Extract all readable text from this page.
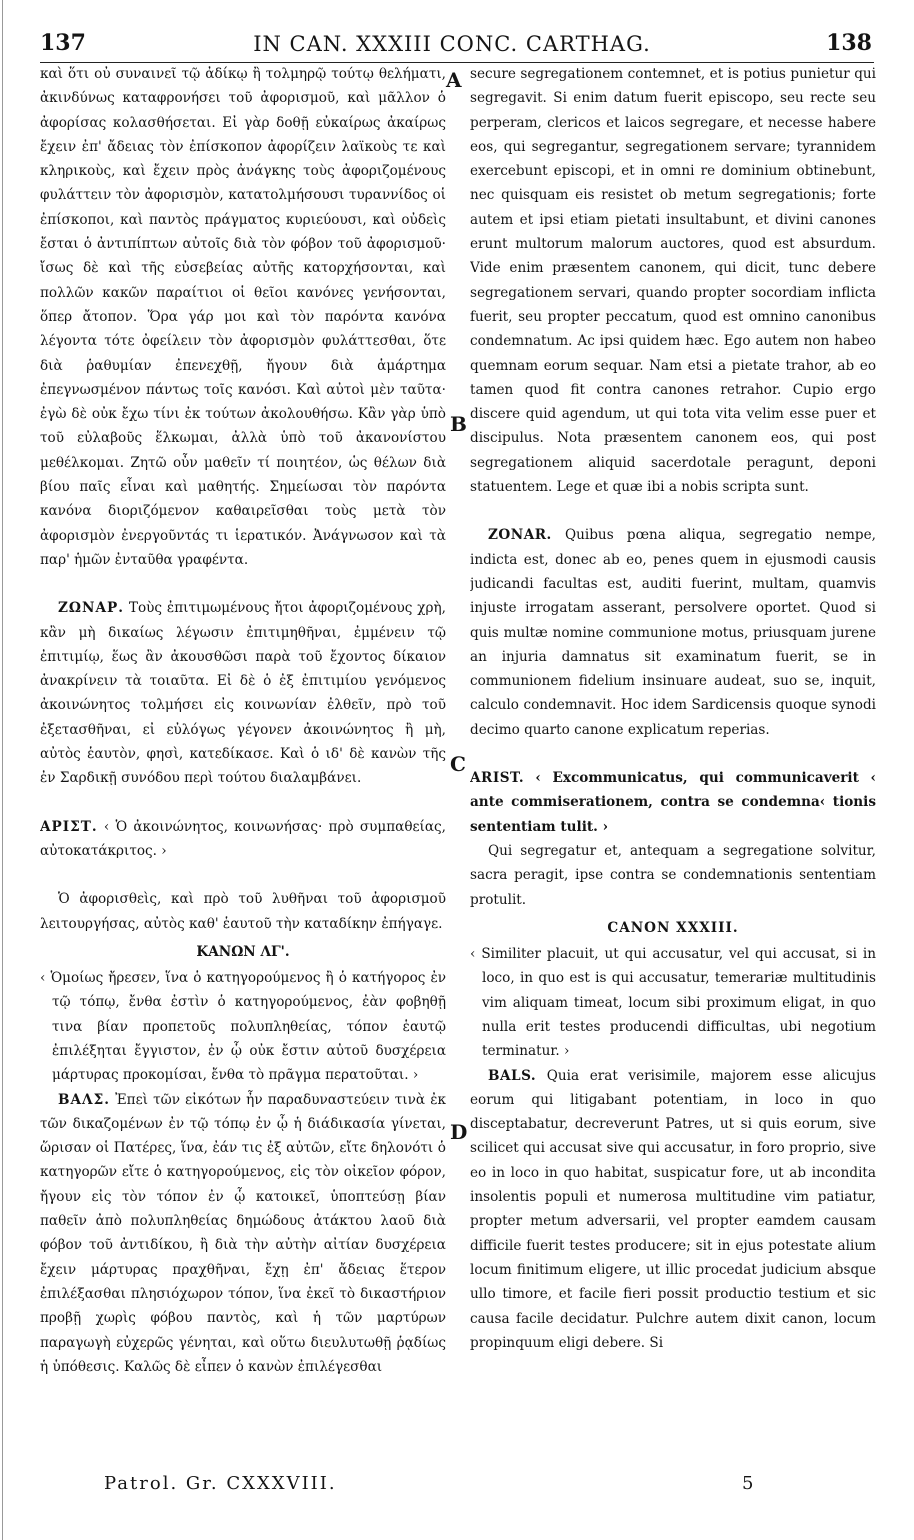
137	IN CAN. XXXIII CONC. CARTHAG.	138
A
B
C
D

καὶ ὅτι οὐ συναινεῖ τῷ ἀδίκῳ ἢ τολμηρῷ τούτῳ θελήματι, ἀκινδύνως καταφρονήσει τοῦ ἀφορισμοῦ, καὶ μᾶλλον ὁ ἀφορίσας κολασθήσεται. Εἰ γὰρ δοθῇ εὐκαίρως ἀκαίρως ἔχειν ἐπ' ἄδειας τὸν ἐπίσκοπον ἀφορίζειν λαϊκοὺς τε καὶ κληρικοὺς, καὶ ἔχειν πρὸς ἀνάγκης τοὺς ἀφοριζομένους φυλάττειν τὸν ἀφορισμὸν, κατατολμήσουσι τυραννίδος οἱ ἐπίσκοποι, καὶ παντὸς πράγματος κυριεύουσι, καὶ οὐδεὶς ἔσται ὁ ἀντιπίπτων αὐτοῖς διὰ τὸν φόβον τοῦ ἀφορισμοῦ· ἴσως δὲ καὶ τῆς εὐσεβείας αὐτῆς κατορχήσονται, καὶ πολλῶν κακῶν παραίτιοι οἱ θεῖοι κανόνες γενήσονται, ὅπερ ἄτοπον. Ὅρα γάρ μοι καὶ τὸν παρόντα κανόνα λέγοντα τότε ὀφείλειν τὸν ἀφορισμὸν φυλάττεσθαι, ὅτε διὰ ῥαθυμίαν ἐπενεχθῇ, ἤγουν διὰ ἁμάρτημα ἐπεγνωσμένον πάντως τοῖς κανόσι. Καὶ αὐτοὶ μὲν ταῦτα· ἐγὼ δὲ οὐκ ἔχω τίνι ἐκ τούτων ἀκολουθήσω. Κἂν γὰρ ὑπὸ τοῦ εὐλαβοῦς ἕλκωμαι, ἀλλὰ ὑπὸ τοῦ ἀκανονίστου μεθέλκομαι. Ζητῶ οὖν μαθεῖν τί ποιητέον, ὡς θέλων διὰ βίου παῖς εἶναι καὶ μαθητής. Σημείωσαι τὸν παρόντα κανόνα διοριζόμενον καθαιρεῖσθαι τοὺς μετὰ τὸν ἀφορισμὸν ἐνεργοῦντάς τι ἱερατικόν. Ἀνάγνωσον καὶ τὰ παρ' ἡμῶν ἐνταῦθα γραφέντα.

ΖΩΝΑΡ. Τοὺς ἐπιτιμωμένους ἤτοι ἀφοριζομένους χρὴ, κἂν μὴ δικαίως λέγωσιν ἐπιτιμηθῆναι, ἐμμένειν τῷ ἐπιτιμίῳ, ἕως ἂν ἀκουσθῶσι παρὰ τοῦ ἔχοντος δίκαιον ἀνακρίνειν τὰ τοιαῦτα. Εἰ δὲ ὁ ἐξ ἐπιτιμίου γενόμενος ἀκοινώνητος τολμήσει εἰς κοινωνίαν ἐλθεῖν, πρὸ τοῦ ἐξετασθῆναι, εἰ εὐλόγως γέγονεν ἀκοινώνητος ἢ μὴ, αὐτὸς ἑαυτὸν, φησὶ, κατεδίκασε. Καὶ ὁ ιδ' δὲ κανὼν τῆς ἐν Σαρδικῇ συνόδου περὶ τούτου διαλαμβάνει.

ΑΡΙΣΤ. ‹ Ὁ ἀκοινώνητος, κοινωνήσας· πρὸ συμπαθείας, αὐτοκατάκριτος. ›

Ὁ ἀφορισθεὶς, καὶ πρὸ τοῦ λυθῆναι τοῦ ἀφορισμοῦ λειτουργήσας, αὐτὸς καθ' ἑαυτοῦ τὴν καταδίκην ἐπήγαγε.

ΚΑΝΩΝ ΛΓ'.

‹ Ὁμοίως ἤρεσεν, ἵνα ὁ κατηγορούμενος ἢ ὁ κατήγορος ἐν τῷ τόπῳ, ἔνθα ἐστὶν ὁ κατηγορούμενος, ἐὰν φοβηθῇ τινα βίαν προπετοῦς πολυπληθείας, τόπον ἑαυτῷ ἐπιλέξηται ἔγγιστον, ἐν ᾧ οὐκ ἔστιν αὐτοῦ δυσχέρεια μάρτυρας προκομίσαι, ἔνθα τὸ πρᾶγμα περατοῦται. ›

ΒΑΛΣ. Ἐπεὶ τῶν εἰκότων ἦν παραδυναστεύειν τινὰ ἐκ τῶν δικαζομένων ἐν τῷ τόπῳ ἐν ᾧ ἡ διάδικασία γίνεται, ὥρισαν οἱ Πατέρες, ἵνα, ἐάν τις ἐξ αὐτῶν, εἴτε δηλονότι ὁ κατηγορῶν εἴτε ὁ κατηγορούμενος, εἰς τὸν οἰκεῖον φόρον, ἤγουν εἰς τὸν τόπον ἐν ᾧ κατοικεῖ, ὑποπτεύσῃ βίαν παθεῖν ἀπὸ πολυπληθείας δημώδους ἀτάκτου λαοῦ διὰ φόβον τοῦ ἀντιδίκου, ἢ διὰ τὴν αὐτὴν αἰτίαν δυσχέρεια ἔχειν μάρτυρας πραχθῆναι, ἔχῃ ἐπ' ἄδειας ἕτερον ἐπιλέξασθαι πλησιόχωρον τόπον, ἵνα ἐκεῖ τὸ δικαστήριον προβῇ χωρὶς φόβου παντὸς, καὶ ἡ τῶν μαρτύρων παραγωγὴ εὐχερῶς γένηται, καὶ οὕτω διευλυτωθῇ ῥᾳδίως ἡ ὑπόθεσις. Καλῶς δὲ εἶπεν ὁ κανὼν ἐπιλέγεσθαι

secure segregationem contemnet, et is potius punietur qui segregavit. Si enim datum fuerit episcopo, seu recte seu perperam, clericos et laicos segregare, et necesse habere eos, qui segregantur, segregationem servare; tyrannidem exercebunt episcopi, et in omni re dominium obtinebunt, nec quisquam eis resistet ob metum segregationis; forte autem et ipsi etiam pietati insultabunt, et divini canones erunt multorum malorum auctores, quod est absurdum. Vide enim præsentem canonem, qui dicit, tunc debere segregationem servari, quando propter socordiam inflicta fuerit, seu propter peccatum, quod est omnino canonibus condemnatum. Ac ipsi quidem hæc. Ego autem non habeo quemnam eorum sequar. Nam etsi a pietate trahor, ab eo tamen quod fit contra canones retrahor. Cupio ergo discere quid agendum, ut qui tota vita velim esse puer et discipulus. Nota præsentem canonem eos, qui post segregationem aliquid sacerdotale peragunt, deponi statuentem. Lege et quæ ibi a nobis scripta sunt.

ZONAR. Quibus pœna aliqua, segregatio nempe, indicta est, donec ab eo, penes quem in ejusmodi causis judicandi facultas est, auditi fuerint, multam, quamvis injuste irrogatam asserant, persolvere oportet. Quod si quis multæ nomine communione motus, priusquam jurene an injuria damnatus sit examinatum fuerit, se in communionem fidelium insinuare audeat, suo se, inquit, calculo condemnavit. Hoc idem Sardicensis quoque synodi decimo quarto canone explicatum reperias.

ARIST. ‹ Excommunicatus, qui communicaverit ‹ ante commiserationem, contra se condemna‹ tionis sententiam tulit. ›

Qui segregatur et, antequam a segregatione solvitur, sacra peragit, ipse contra se condemnationis sententiam protulit.

CANON XXXIII.

‹ Similiter placuit, ut qui accusatur, vel qui accusat, si in loco, in quo est is qui accusatur, temerariæ multitudinis vim aliquam timeat, locum sibi proximum eligat, in quo nulla erit testes producendi difficultas, ubi negotium terminatur. ›

BALS. Quia erat verisimile, majorem esse alicujus eorum qui litigabant potentiam, in loco in quo disceptabatur, decreverunt Patres, ut si quis eorum, sive scilicet qui accusat sive qui accusatur, in foro proprio, sive eo in loco in quo habitat, suspicatur fore, ut ab incondita insolentis populi et numerosa multitudine vim patiatur, propter metum adversarii, vel propter eamdem causam difficile fuerit testes producere; sit in ejus potestate alium locum finitimum eligere, ut illic procedat judicium absque ullo timore, et facile fieri possit productio testium et sic causa facile decidatur. Pulchre autem dixit canon, locum propinquum eligi debere. Si

Patrol. Gr. CXXXVIII.	5
